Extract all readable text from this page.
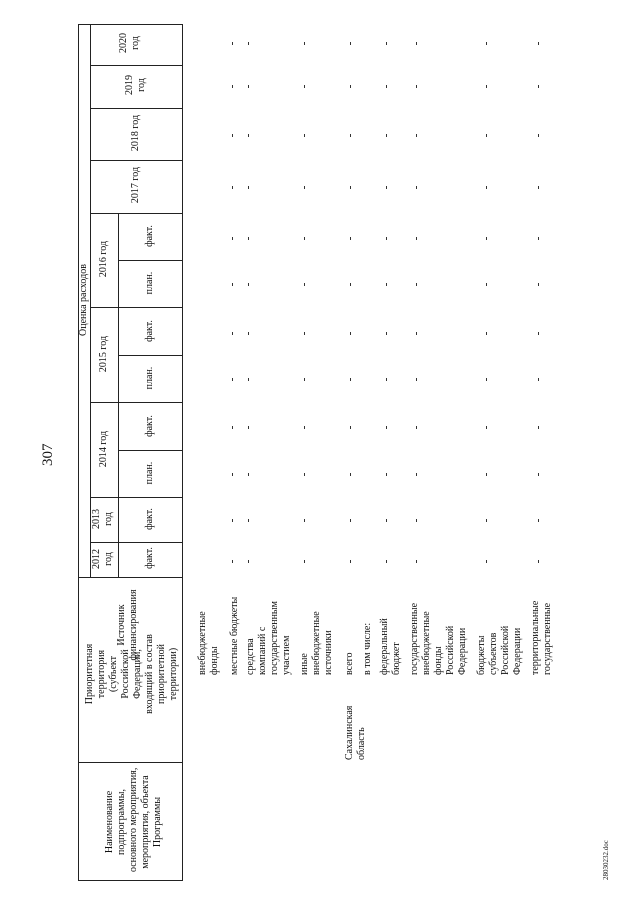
307
28030232.doc
Наименование подпрограммы, основного мероприятия, мероприятия, объекта Программы
Приоритетная территория (субъект Российской Федерации, входящий в состав приоритетной территории)
Источник финансирования
Оценка расходов
2012 год
2013 год
2014 год
2015 год
2016 год
2017 год
2018 год
2019 год
2020 год
факт.
факт.
план.
факт.
план.
факт.
план.
факт.
Сахалинская область
внебюджетные фонды местные бюджеты средства компаний с государственным участием иные внебюджетные источники всего в том числе: федеральный бюджет государственные внебюджетные фонды Российской Федерации бюджеты субъектов Российской Федерации территориальные государственные
